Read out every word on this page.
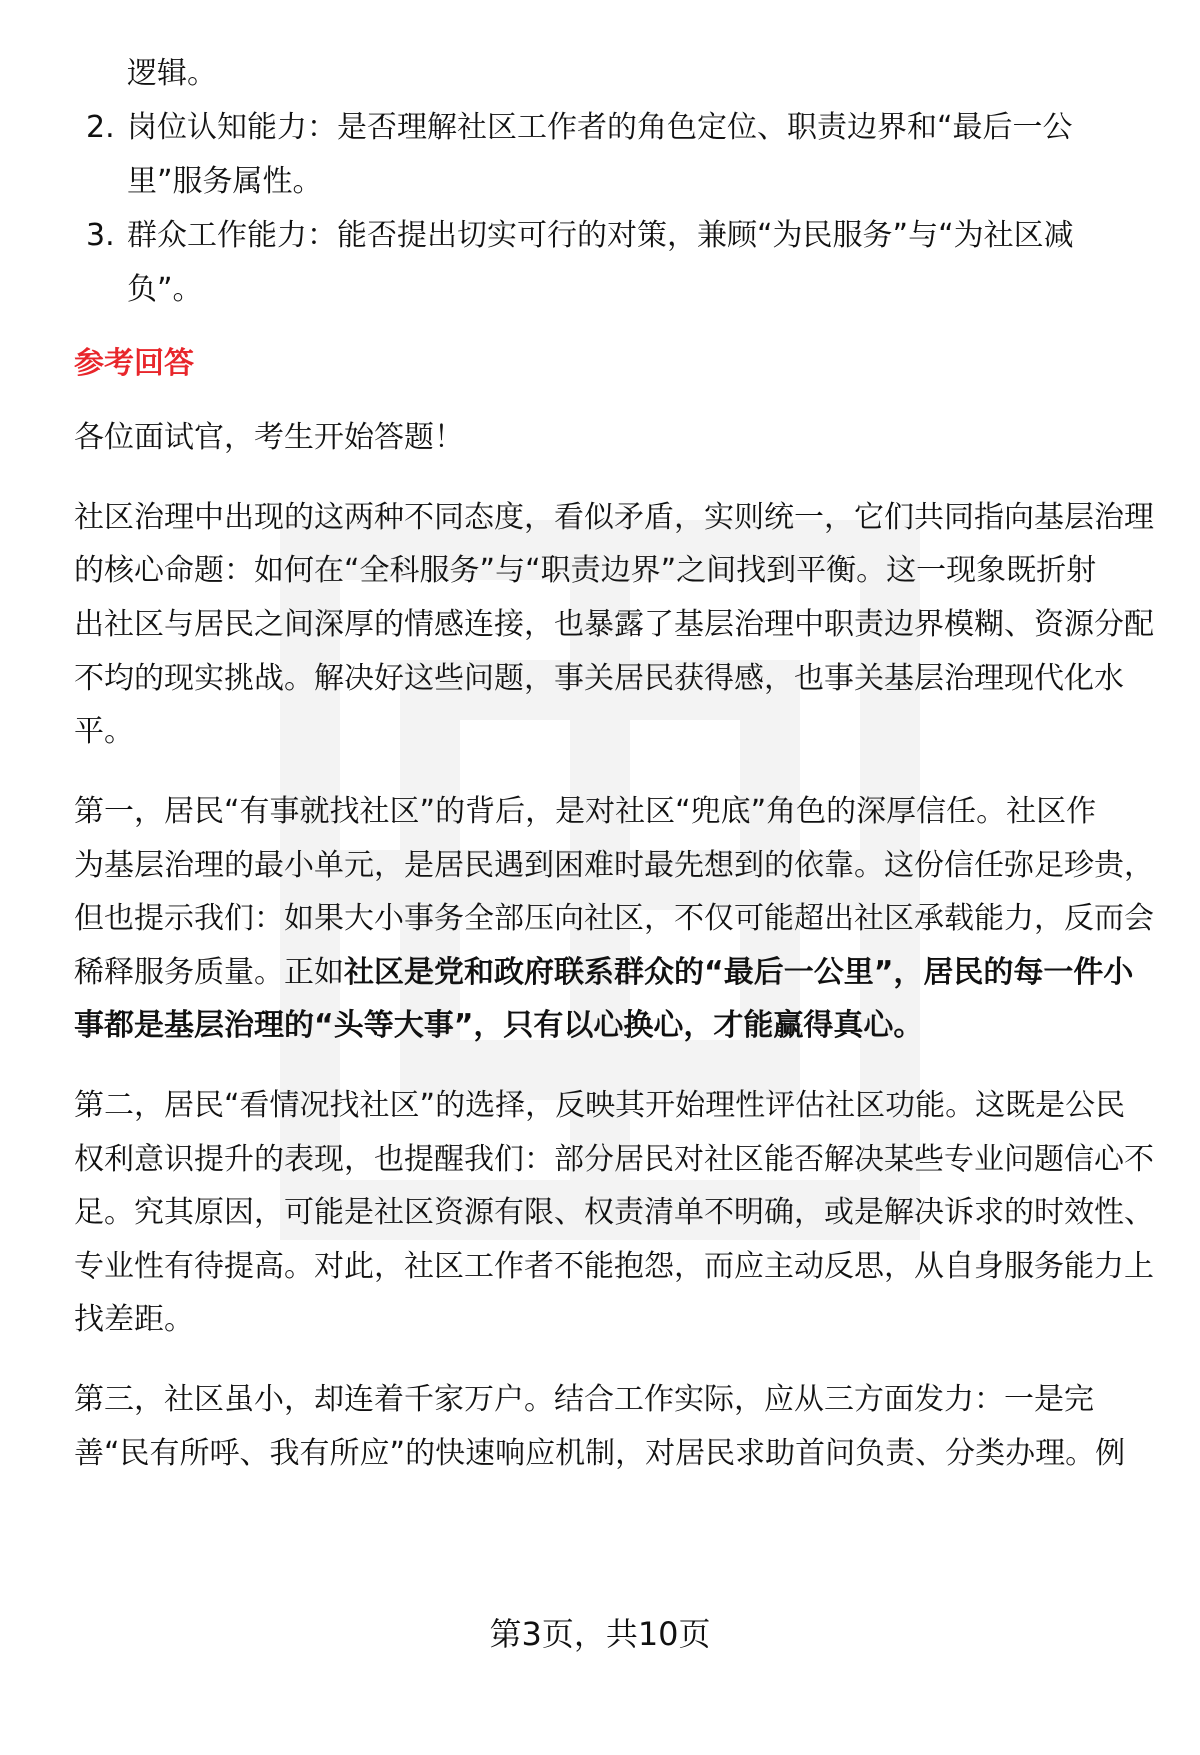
逻辑。
2. 岗位认知能力：是否理解社区工作者的角色定位、职责边界和“最后一公
里”服务属性。
3. 群众工作能力：能否提出切实可行的对策，兼顾“为民服务”与“为社区减
负”。
参考回答
各位面试官，考生开始答题！
社区治理中出现的这两种不同态度，看似矛盾，实则统一，它们共同指向基层治理
的核心命题：如何在“全科服务”与“职责边界”之间找到平衡。这一现象既折射
出社区与居民之间深厚的情感连接，也暴露了基层治理中职责边界模糊、资源分配
不均的现实挑战。解决好这些问题，事关居民获得感，也事关基层治理现代化水
平。
第一，居民“有事就找社区”的背后，是对社区“兜底”角色的深厚信任。社区作
为基层治理的最小单元，是居民遇到困难时最先想到的依靠。这份信任弥足珍贵，
但也提示我们：如果大小事务全部压向社区，不仅可能超出社区承载能力，反而会
稀释服务质量。正如社区是党和政府联系群众的“最后一公里”，居民的每一件小
事都是基层治理的“头等大事”，只有以心换心，才能赢得真心。
第二，居民“看情况找社区”的选择，反映其开始理性评估社区功能。这既是公民
权利意识提升的表现，也提醒我们：部分居民对社区能否解决某些专业问题信心不
足。究其原因，可能是社区资源有限、权责清单不明确，或是解决诉求的时效性、
专业性有待提高。对此，社区工作者不能抱怨，而应主动反思，从自身服务能力上
找差距。
第三，社区虽小，却连着千家万户。结合工作实际，应从三方面发力：一是完
善“民有所呼、我有所应”的快速响应机制，对居民求助首问负责、分类办理。例
第3页，共10页
